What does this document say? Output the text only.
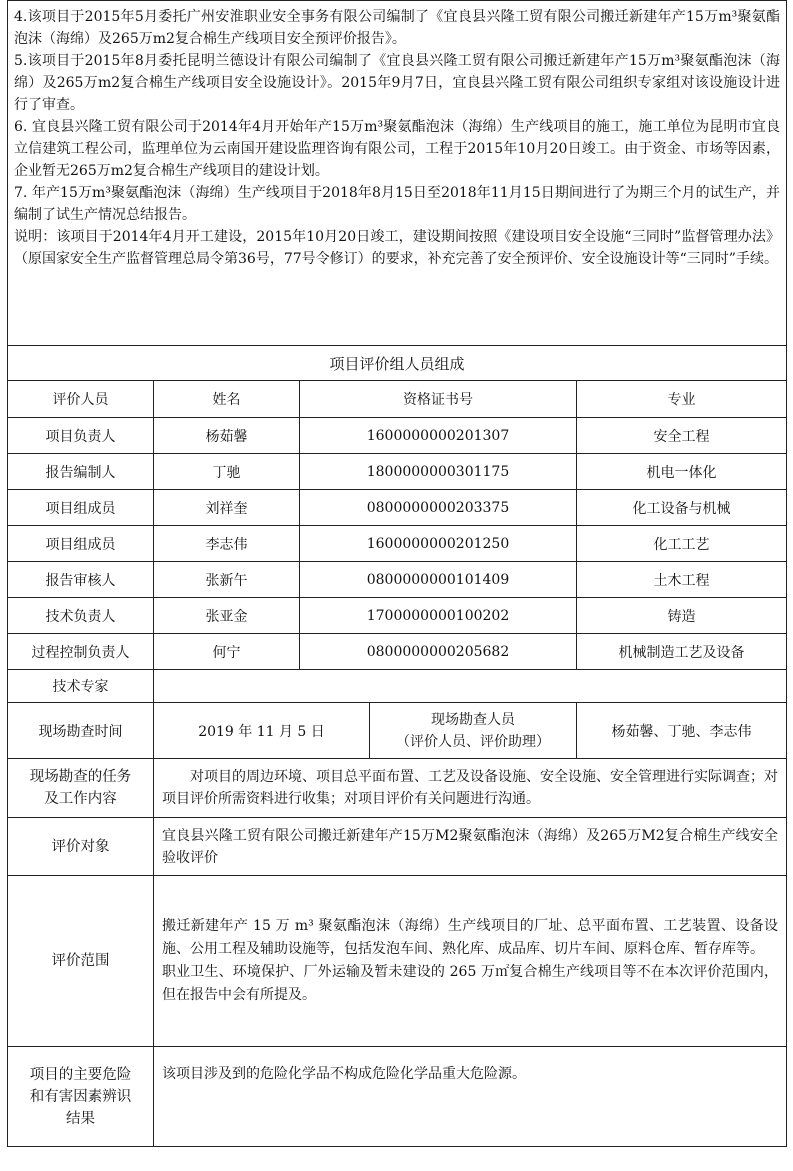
4.该项目于2015年5月委托广州安淮职业安全事务有限公司编制了《宜良县兴隆工贸有限公司搬迁新建年产15万m³聚氨酯泡沫（海绵）及265万m2复合棉生产线项目安全预评价报告》。

5.该项目于2015年8月委托昆明兰德设计有限公司编制了《宜良县兴隆工贸有限公司搬迁新建年产15万m³聚氨酯泡沫（海绵）及265万m2复合棉生产线项目安全设施设计》。2015年9月7日，宜良县兴隆工贸有限公司组织专家组对该设施设计进行了审查。

6. 宜良县兴隆工贸有限公司于2014年4月开始年产15万m³聚氨酯泡沫（海绵）生产线项目的施工，施工单位为昆明市宜良立信建筑工程公司，监理单位为云南国开建设监理咨询有限公司，工程于2015年10月20日竣工。由于资金、市场等因素，企业暂无265万m2复合棉生产线项目的建设计划。

7. 年产15万m³聚氨酯泡沫（海绵）生产线项目于2018年8月15日至2018年11月15日期间进行了为期三个月的试生产，并编制了试生产情况总结报告。

说明：该项目于2014年4月开工建设，2015年10月20日竣工，建设期间按照《建设项目安全设施“三同时”监督管理办法》（原国家安全生产监督管理总局令第36号，77号令修订）的要求，补充完善了安全预评价、安全设施设计等“三同时”手续。				

项目评价组人员组成				
评价人员	姓名	资格证书号		专业
项目负责人	杨茹馨	1600000000201307		安全工程
报告编制人	丁驰	1800000000301175		机电一体化
项目组成员	刘祥奎	0800000000203375		化工设备与机械
项目组成员	李志伟	1600000000201250		化工工艺
报告审核人	张新午	0800000000101409		土木工程
技术负责人	张亚金	1700000000100202		铸造
过程控制负责人	何宁	0800000000205682		机械制造工艺及设备
技术专家				
现场勘查时间	2019 年 11 月 5 日		现场勘查人员
（评价人员、评价助理）	杨茹馨、丁驰、李志伟

现场勘查的任务
及工作内容	对项目的周边环境、项目总平面布置、工艺及设备设施、安全设施、安全管理进行实际调查；对项目评价所需资料进行收集；对项目评价有关问题进行沟通。			
评价对象	宜良县兴隆工贸有限公司搬迁新建年产15万M2聚氨酯泡沫（海绵）及265万M2复合棉生产线安全验收评价			
评价范围	搬迁新建年产 15 万 m³ 聚氨酯泡沫（海绵）生产线项目的厂址、总平面布置、工艺装置、设备设施、公用工程及辅助设施等，包括发泡车间、熟化库、成品库、切片车间、原料仓库、暂存库等。

职业卫生、环境保护、厂外运输及暂未建设的 265 万㎡复合棉生产线项目等不在本次评价范围内，但在报告中会有所提及。			

项目的主要危险
和有害因素辨识
结果	该项目涉及到的危险化学品不构成危险化学品重大危险源。			
